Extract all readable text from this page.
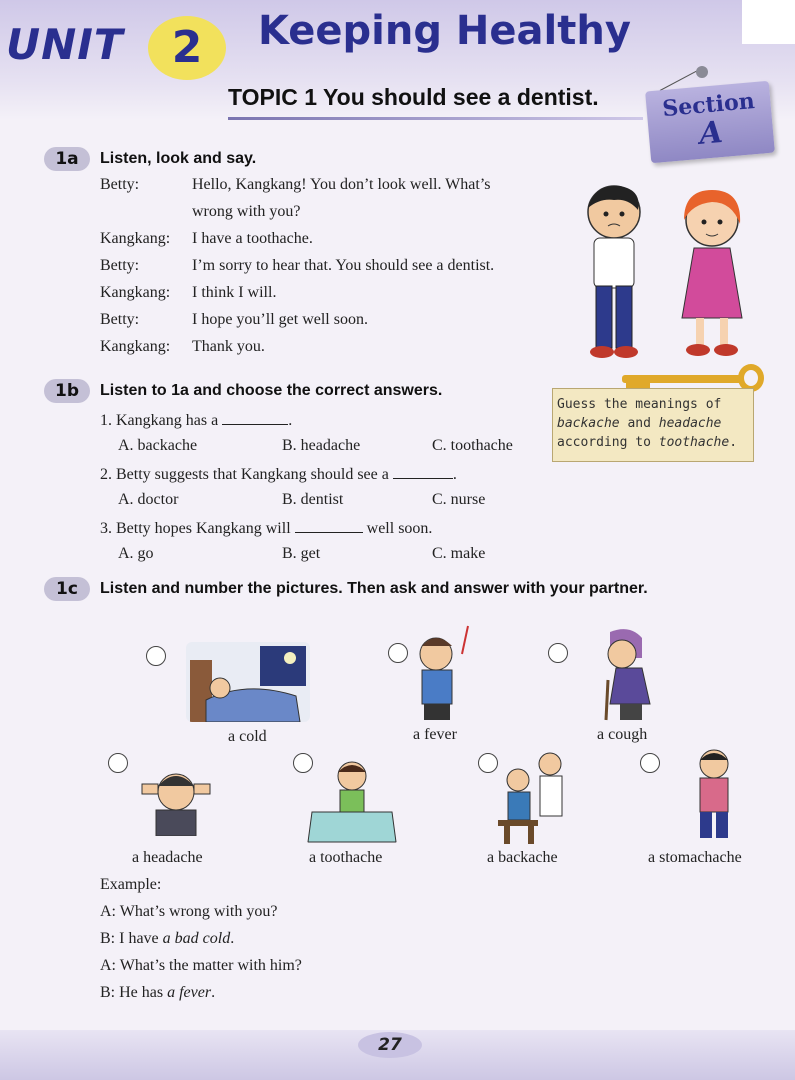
UNIT	2	Keeping Healthy
TOPIC 1 You should see a dentist.	Section
A
1a	Listen, look and say.
Betty:	Hello, Kangkang! You don’t look well. What’s
wrong with you?
Kangkang: I have a toothache.
Betty:	I’m sorry to hear that. You should see a dentist.
Kangkang: I think I will.
Betty:	I hope you’ll get well soon.
Kangkang: Thank you.
1b	Listen to 1a and choose the correct answers.
Guess the meanings of
backache and headache
according to toothache.
1. Kangkang has a	.
A. backache	B. headache	C. toothache
2. Betty suggests that Kangkang should see a	.
A. doctor	B. dentist	C. nurse
3. Betty hopes Kangkang will	well soon.
A. go	B. get	C. make
1c	Listen and number the pictures. Then ask and answer with your partner.
a cold	a fever	a cough
a headache	a toothache	a backache	a stomachache
Example:
A: What’s wrong with you?
B: I have a bad cold.
A: What’s the matter with him?
B: He has a fever.
27
